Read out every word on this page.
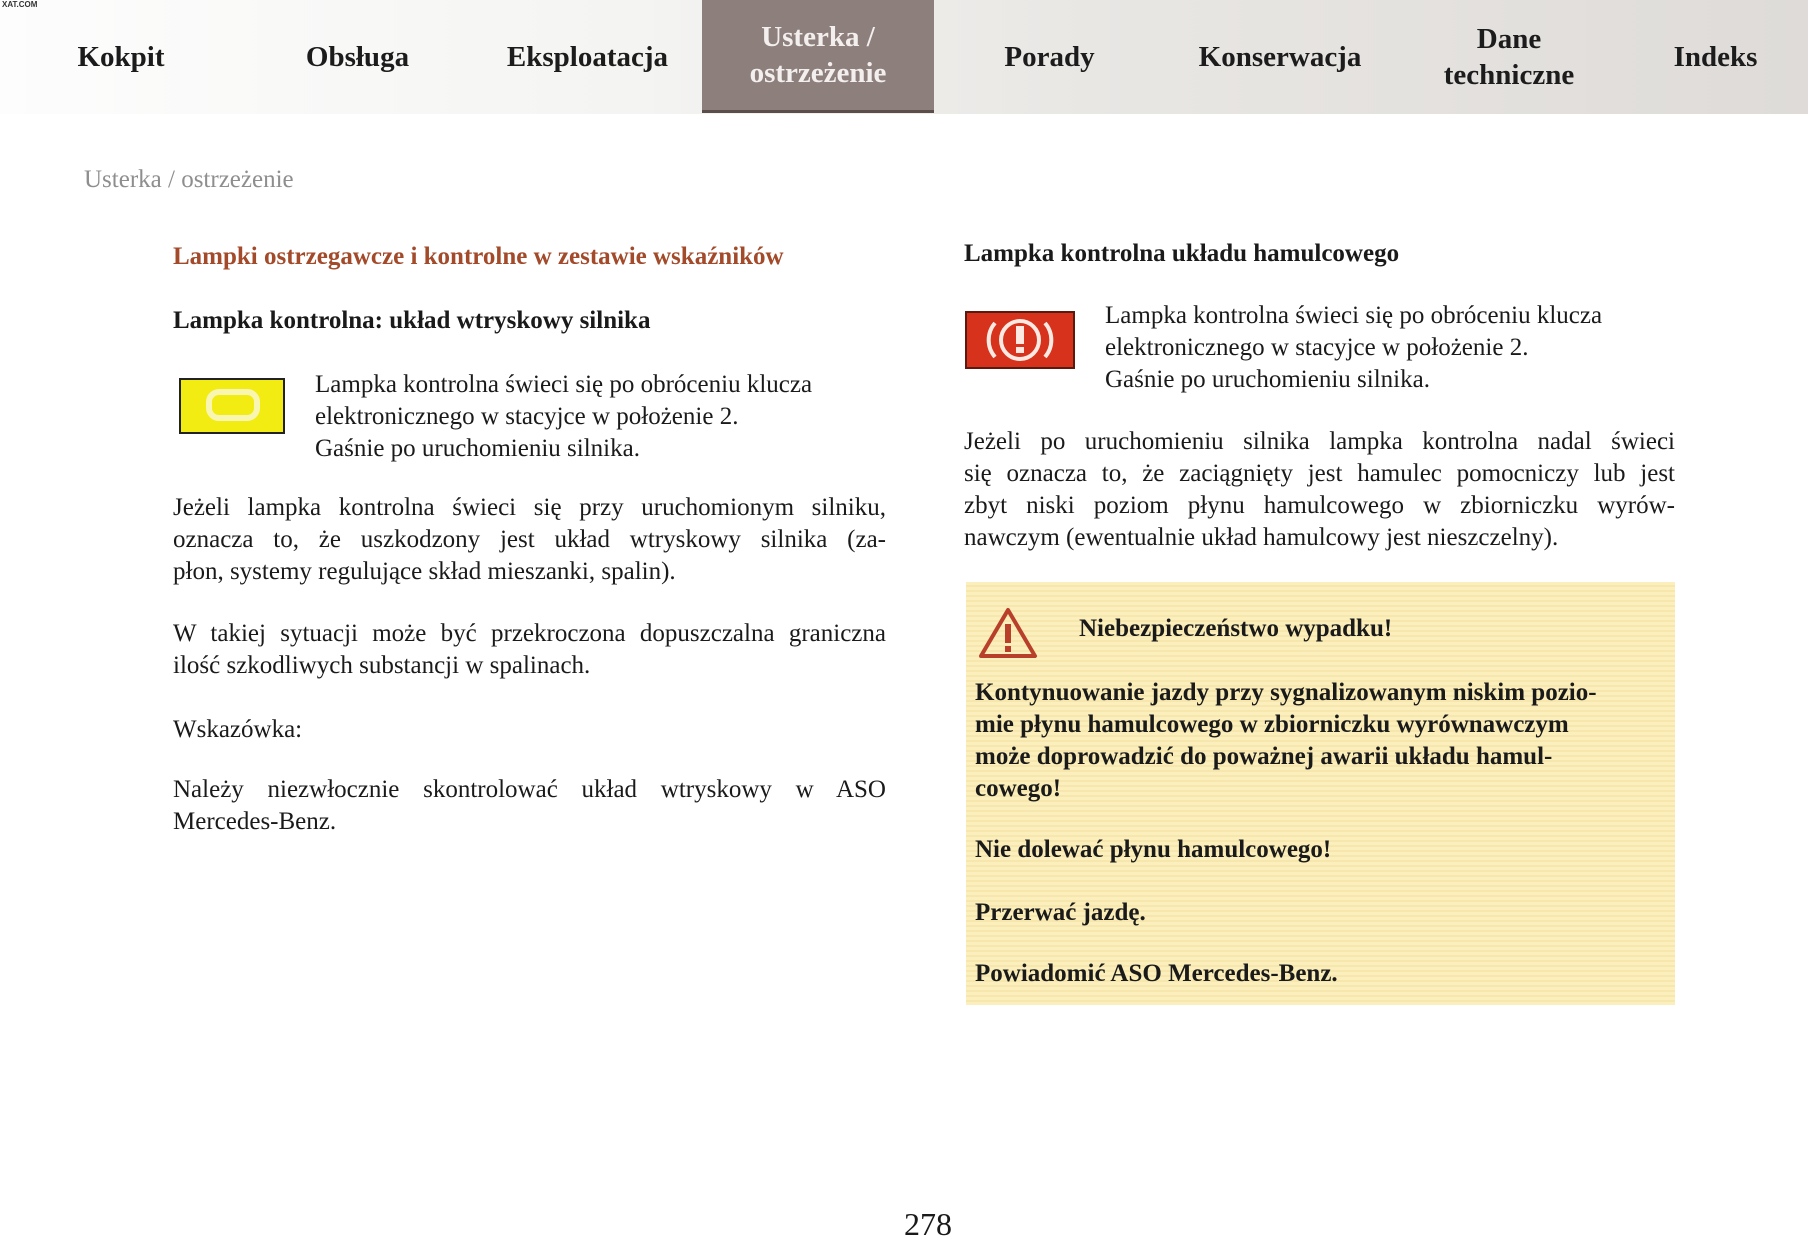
XAT.COM
Kokpit	Obsługa	Eksploatacja
Usterka / ostrzeżenie	Porady	Konserwacja
Dane techniczne
Indeks
Usterka / ostrzeżenie
Lampki ostrzegawcze i kontrolne w zestawie wskaźników
Lampka kontrolna: układ wtryskowy silnika
Lampka kontrolna świeci się po obróceniu klucza
elektronicznego w stacyjce w położenie 2.
Gaśnie po uruchomieniu silnika.
Jeżeli lampka kontrolna świeci się przy uruchomionym silniku,
oznacza to, że uszkodzony jest układ wtryskowy silnika (za-
płon, systemy regulujące skład mieszanki, spalin).
W takiej sytuacji może być przekroczona dopuszczalna graniczna
ilość szkodliwych substancji w spalinach.
Wskazówka:
Należy niezwłocznie skontrolować układ wtryskowy w ASO
Mercedes-Benz.
Lampka kontrolna układu hamulcowego
Lampka kontrolna świeci się po obróceniu klucza
elektronicznego w stacyjce w położenie 2.
Gaśnie po uruchomieniu silnika.
Jeżeli po uruchomieniu silnika lampka kontrolna nadal świeci
się oznacza to, że zaciągnięty jest hamulec pomocniczy lub jest
zbyt niski poziom płynu hamulcowego w zbiorniczku wyrów-
nawczym (ewentualnie układ hamulcowy jest nieszczelny).
Niebezpieczeństwo wypadku!
Kontynuowanie jazdy przy sygnalizowanym niskim pozio-
mie płynu hamulcowego w zbiorniczku wyrównawczym
może doprowadzić do poważnej awarii układu hamul-
cowego!
Nie dolewać płynu hamulcowego!
Przerwać jazdę.
Powiadomić ASO Mercedes-Benz.
278
